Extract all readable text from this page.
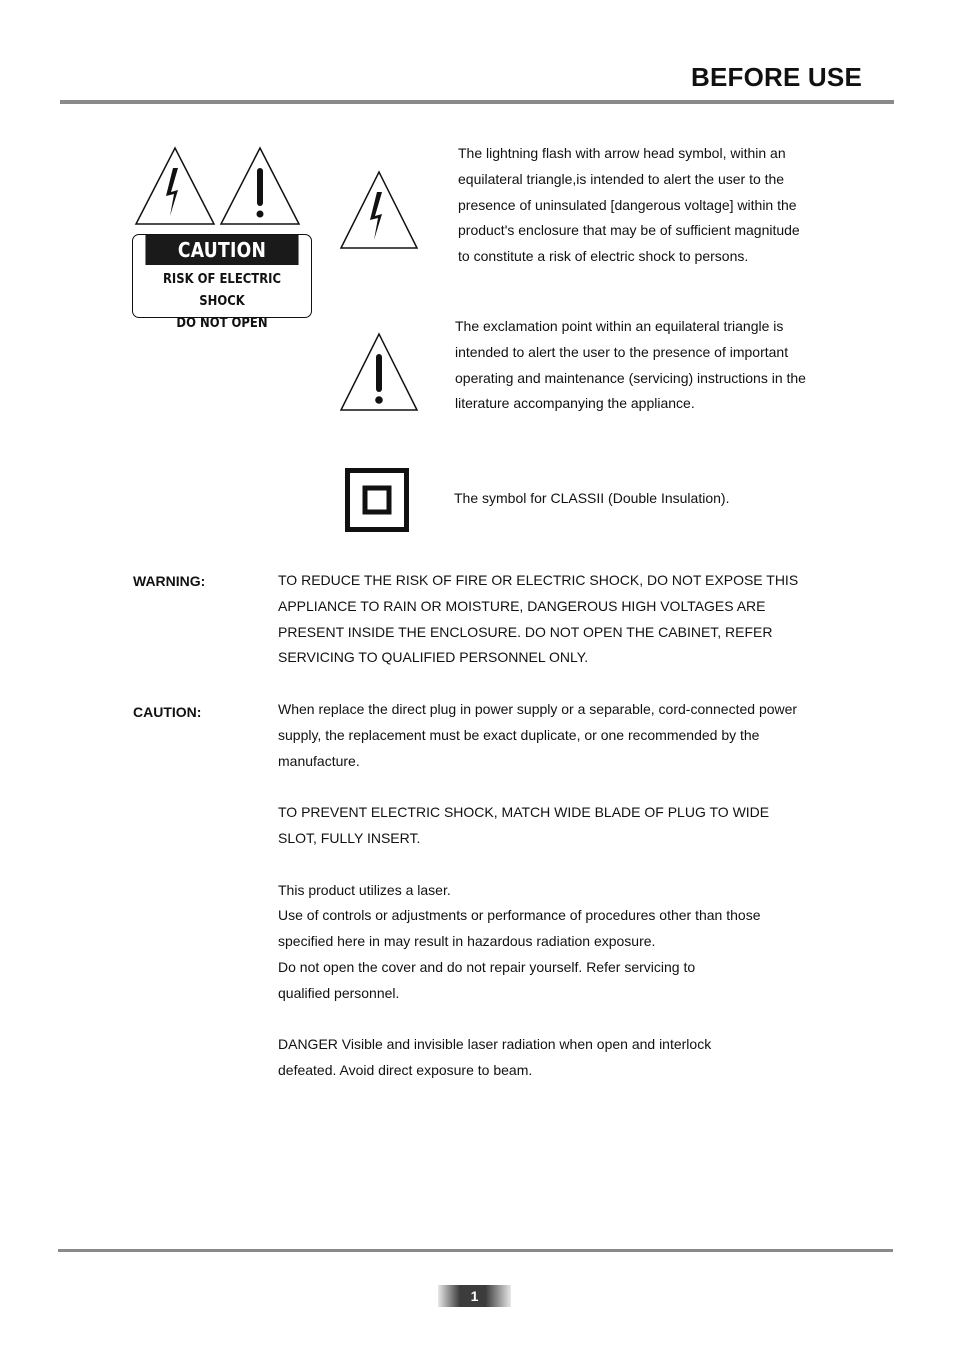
BEFORE USE
CAUTION
RISK OF ELECTRIC SHOCK
DO NOT OPEN

The lightning flash with arrow head symbol, within an

equilateral triangle,is intended to alert the user to the

presence of uninsulated [dangerous voltage] within the

product's enclosure that may be of sufficient magnitude

to constitute a risk of electric shock to persons.

The exclamation point within an equilateral triangle is

intended to alert the user to the presence of important

operating and maintenance (servicing) instructions in the

literature accompanying the appliance.

The symbol for CLASSII (Double Insulation).

WARNING:	TO REDUCE THE RISK OF FIRE OR ELECTRIC SHOCK, DO NOT EXPOSE THIS

APPLIANCE TO RAIN OR MOISTURE, DANGEROUS HIGH VOLTAGES ARE

PRESENT INSIDE THE ENCLOSURE. DO NOT OPEN THE CABINET, REFER

SERVICING TO QUALIFIED PERSONNEL ONLY.

CAUTION:	When replace the direct plug in power supply or a separable, cord-connected power

supply, the replacement must be exact duplicate, or one recommended by the

manufacture.

TO PREVENT ELECTRIC SHOCK, MATCH WIDE BLADE OF PLUG TO WIDE

SLOT, FULLY INSERT.

This product utilizes a laser.

Use of controls or adjustments or performance of procedures other than those

specified here in may result in hazardous radiation exposure.

Do not open the cover and do not repair yourself. Refer servicing to

qualified personnel.

DANGER Visible and invisible laser radiation when open and interlock

defeated. Avoid direct exposure to beam.

1
